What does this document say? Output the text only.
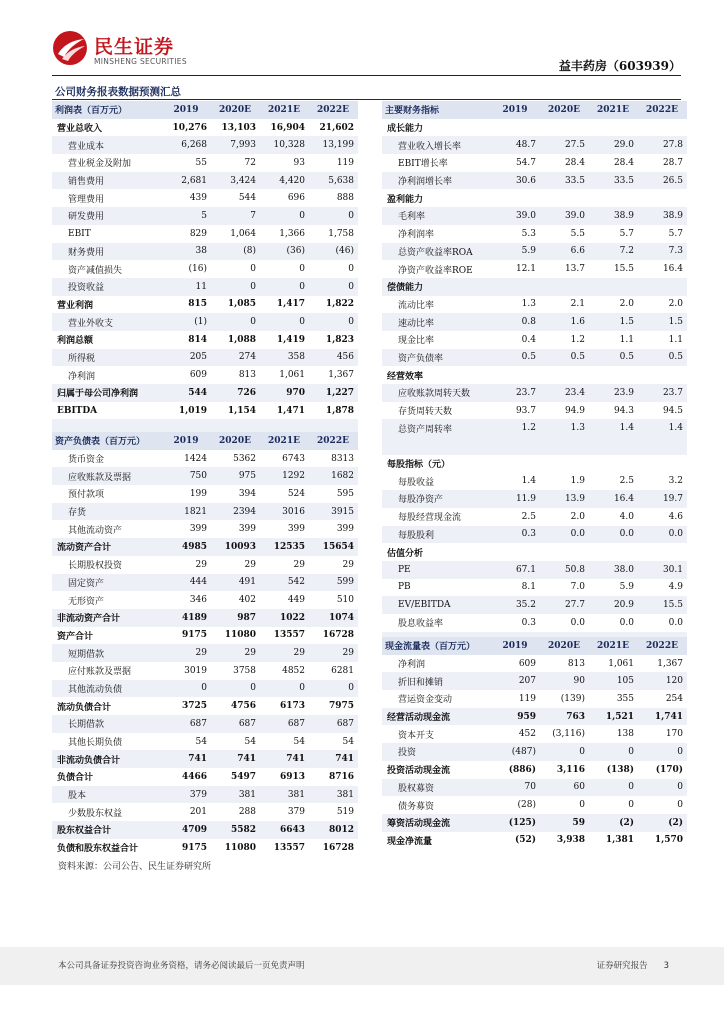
民生证券
MINSHENG SECURITIES	益丰药房（603939）
公司财务报表数据预测汇总
利润表（百万元）	2019	2020E	2021E	2022E
营业总收入	10,276	13,103	16,904	21,602
营业成本	6,268	7,993	10,328	13,199
营业税金及附加	55	72	93	119
销售费用	2,681	3,424	4,420	5,638
管理费用	439	544	696	888
研发费用	5	7	0	0
EBIT	829	1,064	1,366	1,758
财务费用	38	(8)	(36)	(46)
资产减值损失	(16)	0	0	0
投资收益	11	0	0	0
营业利润	815	1,085	1,417	1,822
营业外收支	(1)	0	0	0
利润总额	814	1,088	1,419	1,823
所得税	205	274	358	456
净利润	609	813	1,061	1,367
归属于母公司净利润	544	726	970	1,227
EBITDA	1,019	1,154	1,471	1,878

主要财务指标	2019	2020E	2021E	2022E
成长能力				
营业收入增长率	48.7	27.5	29.0	27.8
EBIT增长率	54.7	28.4	28.4	28.7
净利润增长率	30.6	33.5	33.5	26.5
盈利能力				
毛利率	39.0	39.0	38.9	38.9
净利润率	5.3	5.5	5.7	5.7
总资产收益率ROA	5.9	6.6	7.2	7.3
净资产收益率ROE	12.1	13.7	15.5	16.4
偿债能力				
流动比率	1.3	2.1	2.0	2.0
速动比率	0.8	1.6	1.5	1.5
现金比率	0.4	1.2	1.1	1.1
资产负债率	0.5	0.5	0.5	0.5
经营效率				
应收账款周转天数	23.7	23.4	23.9	23.7
存货周转天数	93.7	94.9	94.3	94.5
总资产周转率	1.2	1.3	1.4	1.4

每股指标（元）				
每股收益	1.4	1.9	2.5	3.2
每股净资产	11.9	13.9	16.4	19.7
每股经营现金流	2.5	2.0	4.0	4.6
每股股利	0.3	0.0	0.0	0.0
估值分析				
PE	67.1	50.8	38.0	30.1
PB	8.1	7.0	5.9	4.9
EV/EBITDA	35.2	27.7	20.9	15.5
股息收益率	0.3	0.0	0.0	0.0

资产负债表（百万元）	2019	2020E	2021E	2022E
货币资金	1424	5362	6743	8313
应收账款及票据	750	975	1292	1682
预付款项	199	394	524	595
存货	1821	2394	3016	3915
其他流动资产	399	399	399	399
流动资产合计	4985	10093	12535	15654
长期股权投资	29	29	29	29
固定资产	444	491	542	599
无形资产	346	402	449	510
非流动资产合计	4189	987	1022	1074
资产合计	9175	11080	13557	16728
短期借款	29	29	29	29
应付账款及票据	3019	3758	4852	6281
其他流动负债	0	0	0	0
流动负债合计	3725	4756	6173	7975
长期借款	687	687	687	687
其他长期负债	54	54	54	54
非流动负债合计	741	741	741	741
负债合计	4466	5497	6913	8716
股本	379	381	381	381
少数股东权益	201	288	379	519
股东权益合计	4709	5582	6643	8012
负债和股东权益合计	9175	11080	13557	16728
现金流量表（百万元）	2019	2020E	2021E	2022E
净利润	609	813	1,061	1,367
折旧和摊销	207	90	105	120
营运资金变动	119	(139)	355	254
经营活动现金流	959	763	1,521	1,741
资本开支	452	(3,116)	138	170
投资	(487)	0	0	0
投资活动现金流	(886)	3,116	(138)	(170)
股权募资	70	60	0	0
债务募资	(28)	0	0	0
筹资活动现金流	(125)	59	(2)	(2)
现金净流量	(52)	3,938	1,381	1,570
资料来源：公司公告、民生证券研究所
本公司具备证券投资咨询业务资格，请务必阅读最后一页免责声明	证券研究报告 3
